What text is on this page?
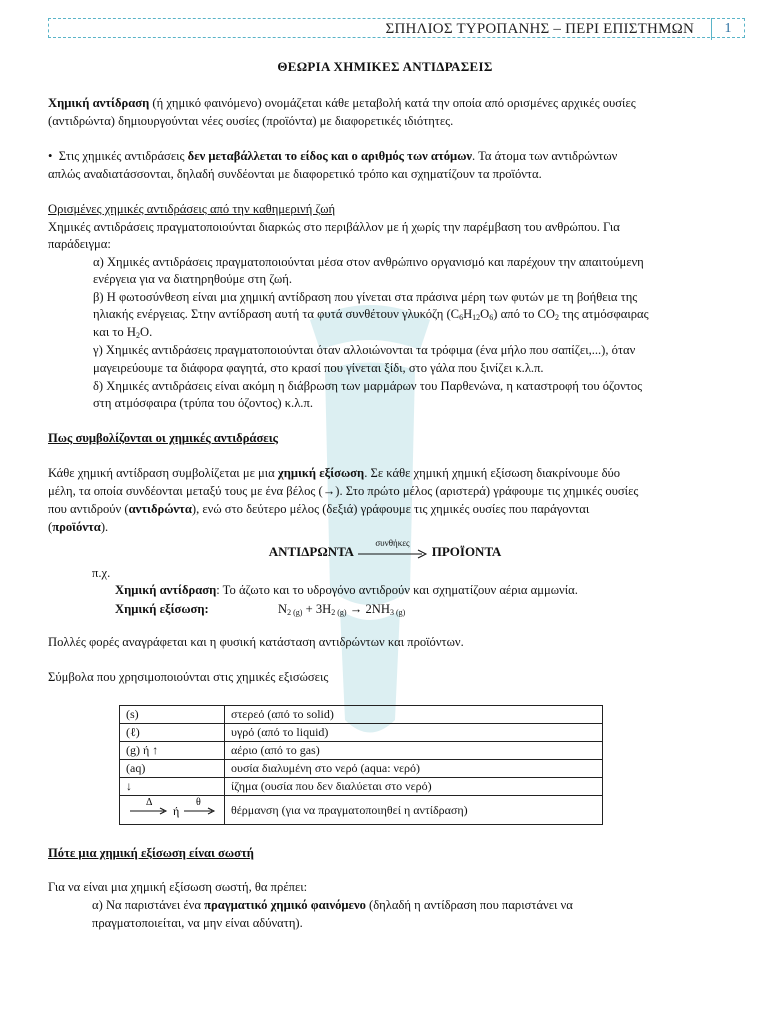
ΣΠΗΛΙΟΣ ΤΥΡΟΠΑΝΗΣ – ΠΕΡΙ ΕΠΙΣΤΗΜΩΝ	1
ΘΕΩΡΙΑ ΧΗΜΙΚΕΣ ΑΝΤΙΔΡΑΣΕΙΣ
Χημική αντίδραση (ή χημικό φαινόμενο) ονομάζεται κάθε μεταβολή κατά την οποία από ορισμένες αρχικές ουσίες
(αντιδρώντα) δημιουργούνται νέες ουσίες (προϊόντα) με διαφορετικές ιδιότητες.
• Στις χημικές αντιδράσεις δεν μεταβάλλεται το είδος και ο αριθμός των ατόμων. Τα άτομα των αντιδρώντων
απλώς αναδιατάσσονται, δηλαδή συνδέονται με διαφορετικό τρόπο και σχηματίζουν τα προϊόντα.
Ορισμένες χημικές αντιδράσεις από την καθημερινή ζωή
Χημικές αντιδράσεις πραγματοποιούνται διαρκώς στο περιβάλλον με ή χωρίς την παρέμβαση του ανθρώπου. Για
παράδειγμα:
α) Χημικές αντιδράσεις πραγματοποιούνται μέσα στον ανθρώπινο οργανισμό και παρέχουν την απαιτούμενη
ενέργεια για να διατηρηθούμε στη ζωή.
β) Η φωτοσύνθεση είναι μια χημική αντίδραση που γίνεται στα πράσινα μέρη των φυτών με τη βοήθεια της
ηλιακής ενέργειας. Στην αντίδραση αυτή τα φυτά συνθέτουν γλυκόζη $(C_6H_{12}O_6)$ από το $CO_2$ της ατμόσφαιρας
και το $H_2O$.
γ) Χημικές αντιδράσεις πραγματοποιούνται όταν αλλοιώνονται τα τρόφιμα (ένα μήλο που σαπίζει,...), όταν
μαγειρεύουμε τα διάφορα φαγητά, στο κρασί που γίνεται ξίδι, στο γάλα που ξινίζει κ.λ.π.
δ) Χημικές αντιδράσεις είναι ακόμη η διάβρωση των μαρμάρων του Παρθενώνα, η καταστροφή του όζοντος
στη ατμόσφαιρα (τρύπα του όζοντος) κ.λ.π.
Πως συμβολίζονται οι χημικές αντιδράσεις
Κάθε χημική αντίδραση συμβολίζεται με μια χημική εξίσωση. Σε κάθε χημική χημική εξίσωση διακρίνουμε δύο
μέλη, τα οποία συνδέονται μεταξύ τους με ένα βέλος (→). Στο πρώτο μέλος (αριστερά) γράφουμε τις χημικές ουσίες
που αντιδρούν (αντιδρώντα), ενώ στο δεύτερο μέλος (δεξιά) γράφουμε τις χημικές ουσίες που παράγονται
(προϊόντα).
ΑΝΤΙΔΡΩΝΤΑ
συνθήκες
ΠΡΟΪΟΝΤΑ
π.χ.
Χημική αντίδραση: Το άζωτο και το υδρογόνο αντιδρούν και σχηματίζουν αέρια αμμωνία.
Χημική εξίσωση:	$N_{2 (g)} + 3H_{2 (g)} \to 2NH_{3 (g)}$
Πολλές φορές αναγράφεται και η φυσική κατάσταση αντιδρώντων και προϊόντων.
Σύμβολα που χρησιμοποιούνται στις χημικές εξισώσεις
(s)	στερεό (από το solid)
(ℓ)	υγρό (από το liquid)
(g) ή ↑	αέριο (από το gas)
(aq)	ουσία διαλυμένη στο νερό (aqua: νερό)
↓	ίζημα (ουσία που δεν διαλύεται στο νερό)

Δ
ή
θ	θέρμανση (για να πραγματοποιηθεί η αντίδραση)
Πότε μια χημική εξίσωση είναι σωστή
Για να είναι μια χημική εξίσωση σωστή, θα πρέπει:
α) Να παριστάνει ένα πραγματικό χημικό φαινόμενο (δηλαδή η αντίδραση που παριστάνει να
πραγματοποιείται, να μην είναι αδύνατη).
